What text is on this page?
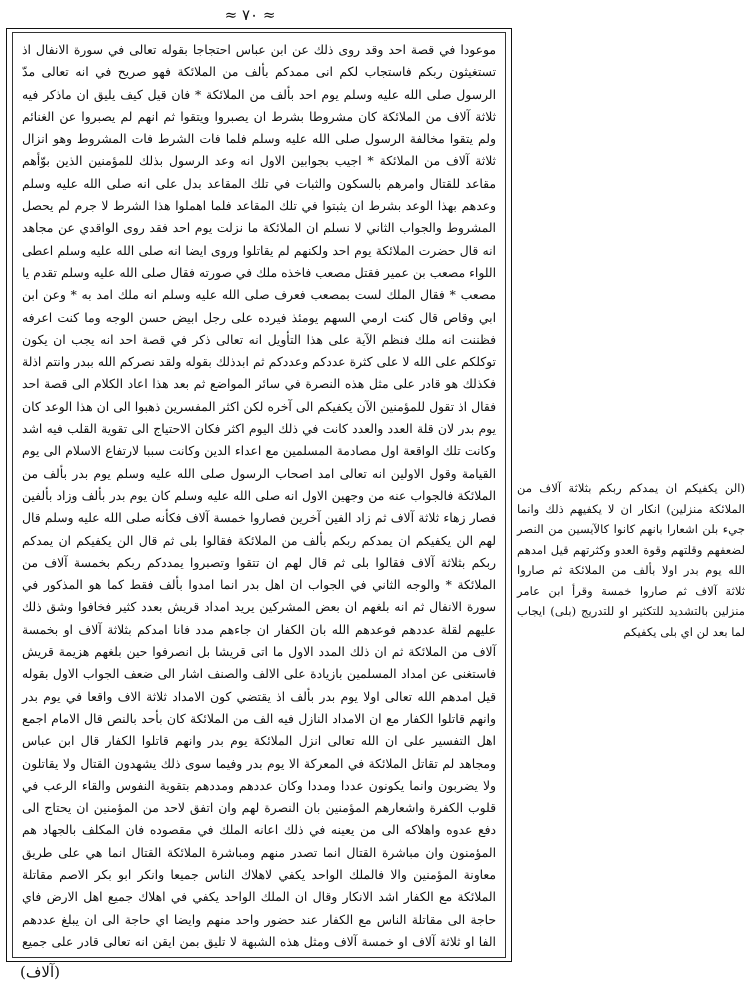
≈ ٧٠ ≈

موعودا في قصة احد وقد روى ذلك عن ابن عباس احتجاجا بقوله تعالى في سورة الانفال اذ تستغيثون ربكم فاستجاب لكم انى ممدكم بألف من الملائكة فهو صريح في انه تعالى مدّ الرسول صلى الله عليه وسلم يوم احد بألف من الملائكة * فان قيل كيف يليق ان ماذكر فيه ثلاثة آلاف من الملائكة كان مشروطا بشرط ان يصبروا ويتقوا ثم انهم لم يصبروا عن الغنائم ولم يتقوا مخالفة الرسول صلى الله عليه وسلم فلما فات الشرط فات المشروط وهو انزال ثلاثة آلاف من الملائكة * اجيب بجوابين الاول انه وعد الرسول بذلك للمؤمنين الذين بوّأهم مقاعد للقتال وامرهم بالسكون والثبات في تلك المقاعد بدل على انه صلى الله عليه وسلم وعدهم بهذا الوعد بشرط ان يثبتوا في تلك المقاعد فلما اهملوا هذا الشرط لا جرم لم يحصل المشروط والجواب الثاني لا نسلم ان الملائكة ما نزلت يوم احد فقد روى الواقدي عن مجاهد انه قال حضرت الملائكة يوم احد ولكنهم لم يقاتلوا وروى ايضا انه صلى الله عليه وسلم اعطى اللواء مصعب بن عمير فقتل مصعب فاخذه ملك في صورته فقال صلى الله عليه وسلم تقدم يا مصعب * فقال الملك لست بمصعب فعرف صلى الله عليه وسلم انه ملك امد به * وعن ابن ابي وقاص قال كنت ارمي السهم يومئذ فيرده على رجل ابيض حسن الوجه وما كنت اعرفه فظننت انه ملك فنظم الآية على هذا التأويل انه تعالى ذكر في قصة احد انه يجب ان يكون توكلكم على الله لا على كثرة عددكم وعددكم ثم ابدذلك بقوله ولقد نصركم الله ببدر وانتم اذلة فكذلك هو قادر على مثل هذه النصرة في سائر المواضع ثم بعد هذا اعاد الكلام الى قصة احد فقال اذ تقول للمؤمنين الآن يكفيكم الى آخره لكن اكثر المفسرين ذهبوا الى ان هذا الوعد كان يوم بدر لان قلة العدد والعدد كانت في ذلك اليوم اكثر فكان الاحتياج الى تقوية القلب فيه اشد وكانت تلك الواقعة اول مصادمة المسلمين مع اعداء الدين وكانت سببا لارتفاع الاسلام الى يوم القيامة وقول الاولين انه تعالى امد اصحاب الرسول صلى الله عليه وسلم يوم بدر بألف من الملائكة فالجواب عنه من وجهين الاول انه صلى الله عليه وسلم كان يوم بدر بألف وزاد بألفين فصار زهاء ثلاثة آلاف ثم زاد الفين آخرين فصاروا خمسة آلاف فكأنه صلى الله عليه وسلم قال لهم الن يكفيكم ان يمدكم ربكم بألف من الملائكة فقالوا بلى ثم قال الن يكفيكم ان يمدكم ربكم بثلاثة آلاف فقالوا بلى ثم قال لهم ان تتقوا وتصبروا يمددكم ربكم بخمسة آلاف من الملائكة * والوجه الثاني في الجواب ان اهل بدر انما امدوا بألف فقط كما هو المذكور في سورة الانفال ثم انه بلغهم ان بعض المشركين يريد امداد قريش بعدد كثير فخافوا وشق ذلك عليهم لقلة عددهم فوعدهم الله بان الكفار ان جاءهم مدد فانا امدكم بثلاثة آلاف او بخمسة آلاف من الملائكة ثم ان ذلك المدد الاول ما اتى قريشا بل انصرفوا حين بلغهم هزيمة قريش فاستغنى عن امداد المسلمين بازيادة على الالف والصنف اشار الى ضعف الجواب الاول بقوله قيل امدهم الله تعالى اولا يوم بدر بألف اذ يقتضي كون الامداد ثلاثة الاف واقعا في يوم بدر وانهم قاتلوا الكفار مع ان الامداد النازل فيه الف من الملائكة كان بأحد بالنص قال الامام اجمع اهل التفسير على ان الله تعالى انزل الملائكة يوم بدر وانهم قاتلوا الكفار قال ابن عباس ومجاهد لم تقاتل الملائكة في المعركة الا يوم بدر وفيما سوى ذلك يشهدون القتال ولا يقاتلون ولا يضربون وانما يكونون عددا ومددا وكان عددهم ومددهم بتقوية النفوس والقاء الرعب في قلوب الكفرة واشعارهم المؤمنين بان النصرة لهم وان اتفق لاحد من المؤمنين ان يحتاج الى دفع عدوه واهلاكه الى من يعينه في ذلك اعانه الملك في مقصوده فان المكلف بالجهاد هم المؤمنون وان مباشرة القتال انما تصدر منهم ومباشرة الملائكة القتال انما هي على طريق معاونة المؤمنين والا فالملك الواحد يكفي لاهلاك الناس جميعا وانكر ابو بكر الاصم مقاتلة الملائكة مع الكفار اشد الانكار وقال ان الملك الواحد يكفي في اهلاك جميع اهل الارض فاي حاجة الى مقاتلة الناس مع الكفار عند حضور واحد منهم وايضا اي حاجة الى ان يبلغ عددهم الفا او ثلاثة آلاف او خمسة آلاف ومثل هذه الشبهة لا تليق بمن ايقن انه تعالى قادر على جميع

(الن يكفيكم ان يمدكم ربكم بثلاثة آلاف من الملائكة منزلين) انكار ان لا يكفيهم ذلك وانما جيء بلن اشعارا بانهم كانوا كالآيسين من النصر لضعفهم وقلتهم وقوة العدو وكثرتهم قيل امدهم الله يوم بدر اولا بألف من الملائكة ثم صاروا ثلاثة آلاف ثم صاروا خمسة وقرأ ابن عامر منزلين بالتشديد للتكثير او للتدريج (بلى) ايجاب لما بعد لن اي بلى يكفيكم

(آلاف)
